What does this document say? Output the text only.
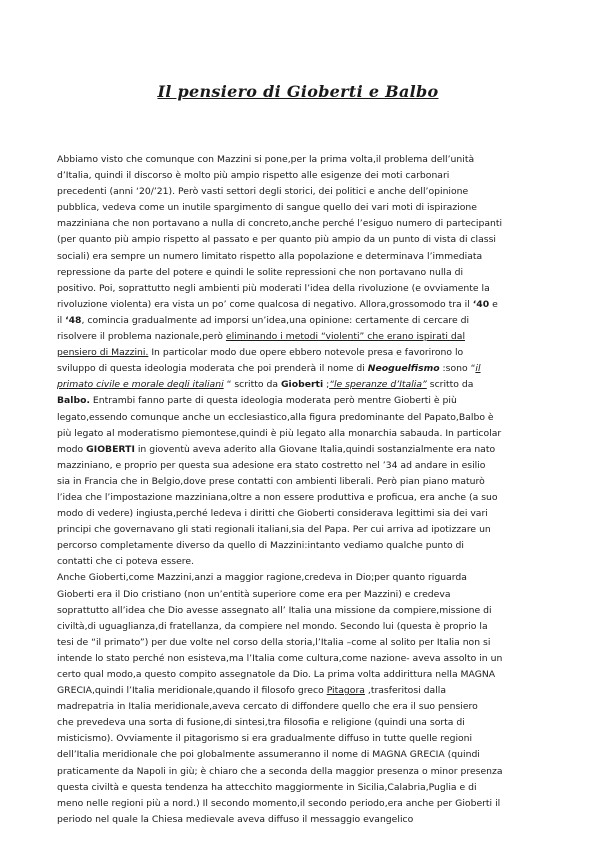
Il pensiero di Gioberti e Balbo
Abbiamo visto che comunque con Mazzini si pone,per la prima volta,il problema dell’unità
d’Italia, quindi il discorso è molto più ampio rispetto alle esigenze dei moti carbonari
precedenti (anni ‘20/’21). Però vasti settori degli storici, dei politici e anche dell’opinione
pubblica, vedeva come un inutile spargimento di sangue quello dei vari moti di ispirazione
mazziniana che non portavano a nulla di concreto,anche perché l’esiguo numero di partecipanti
(per quanto più ampio rispetto al passato e per quanto più ampio da un punto di vista di classi
sociali) era sempre un numero limitato rispetto alla popolazione e determinava l’immediata
repressione da parte del potere e quindi le solite repressioni che non portavano nulla di
positivo. Poi, soprattutto negli ambienti più moderati l’idea della rivoluzione (e ovviamente la
rivoluzione violenta) era vista un po’ come qualcosa di negativo. Allora,grossomodo tra il ‘40 e
il ‘48, comincia gradualmente ad imporsi un’idea,una opinione: certamente di cercare di
risolvere il problema nazionale,però eliminando i metodi “violenti” che erano ispirati dal
pensiero di Mazzini. In particolar modo due opere ebbero notevole presa e favorirono lo
sviluppo di questa ideologia moderata che poi prenderà il nome di Neoguelfismo :sono “il
primato civile e morale degli italiani “ scritto da Gioberti ;“le speranze d’Italia” scritto da
Balbo. Entrambi fanno parte di questa ideologia moderata però mentre Gioberti è più
legato,essendo comunque anche un ecclesiastico,alla figura predominante del Papato,Balbo è
più legato al moderatismo piemontese,quindi è più legato alla monarchia sabauda. In particolar
modo GIOBERTI in gioventù aveva aderito alla Giovane Italia,quindi sostanzialmente era nato
mazziniano, e proprio per questa sua adesione era stato costretto nel ’34 ad andare in esilio
sia in Francia che in Belgio,dove prese contatti con ambienti liberali. Però pian piano maturò
l’idea che l’impostazione mazziniana,oltre a non essere produttiva e proficua, era anche (a suo
modo di vedere) ingiusta,perché ledeva i diritti che Gioberti considerava legittimi sia dei vari
principi che governavano gli stati regionali italiani,sia del Papa. Per cui arriva ad ipotizzare un
percorso completamente diverso da quello di Mazzini:intanto vediamo qualche punto di
contatti che ci poteva essere.
Anche Gioberti,come Mazzini,anzi a maggior ragione,credeva in Dio;per quanto riguarda
Gioberti era il Dio cristiano (non un’entità superiore come era per Mazzini) e credeva
soprattutto all’idea che Dio avesse assegnato all’ Italia una missione da compiere,missione di
civiltà,di uguaglianza,di fratellanza, da compiere nel mondo. Secondo lui (questa è proprio la
tesi de “il primato”) per due volte nel corso della storia,l’Italia –come al solito per Italia non si
intende lo stato perché non esisteva,ma l’Italia come cultura,come nazione- aveva assolto in un
certo qual modo,a questo compito assegnatole da Dio. La prima volta addirittura nella MAGNA
GRECIA,quindi l’Italia meridionale,quando il filosofo greco Pitagora ,trasferitosi dalla
madrepatria in Italia meridionale,aveva cercato di diffondere quello che era il suo pensiero
che prevedeva una sorta di fusione,di sintesi,tra filosofia e religione (quindi una sorta di
misticismo). Ovviamente il pitagorismo si era gradualmente diffuso in tutte quelle regioni
dell’Italia meridionale che poi globalmente assumeranno il nome di MAGNA GRECIA (quindi
praticamente da Napoli in giù; è chiaro che a seconda della maggior presenza o minor presenza
questa civiltà e questa tendenza ha attecchito maggiormente in Sicilia,Calabria,Puglia e di
meno nelle regioni più a nord.) Il secondo momento,il secondo periodo,era anche per Gioberti il
periodo nel quale la Chiesa medievale aveva diffuso il messaggio evangelico
